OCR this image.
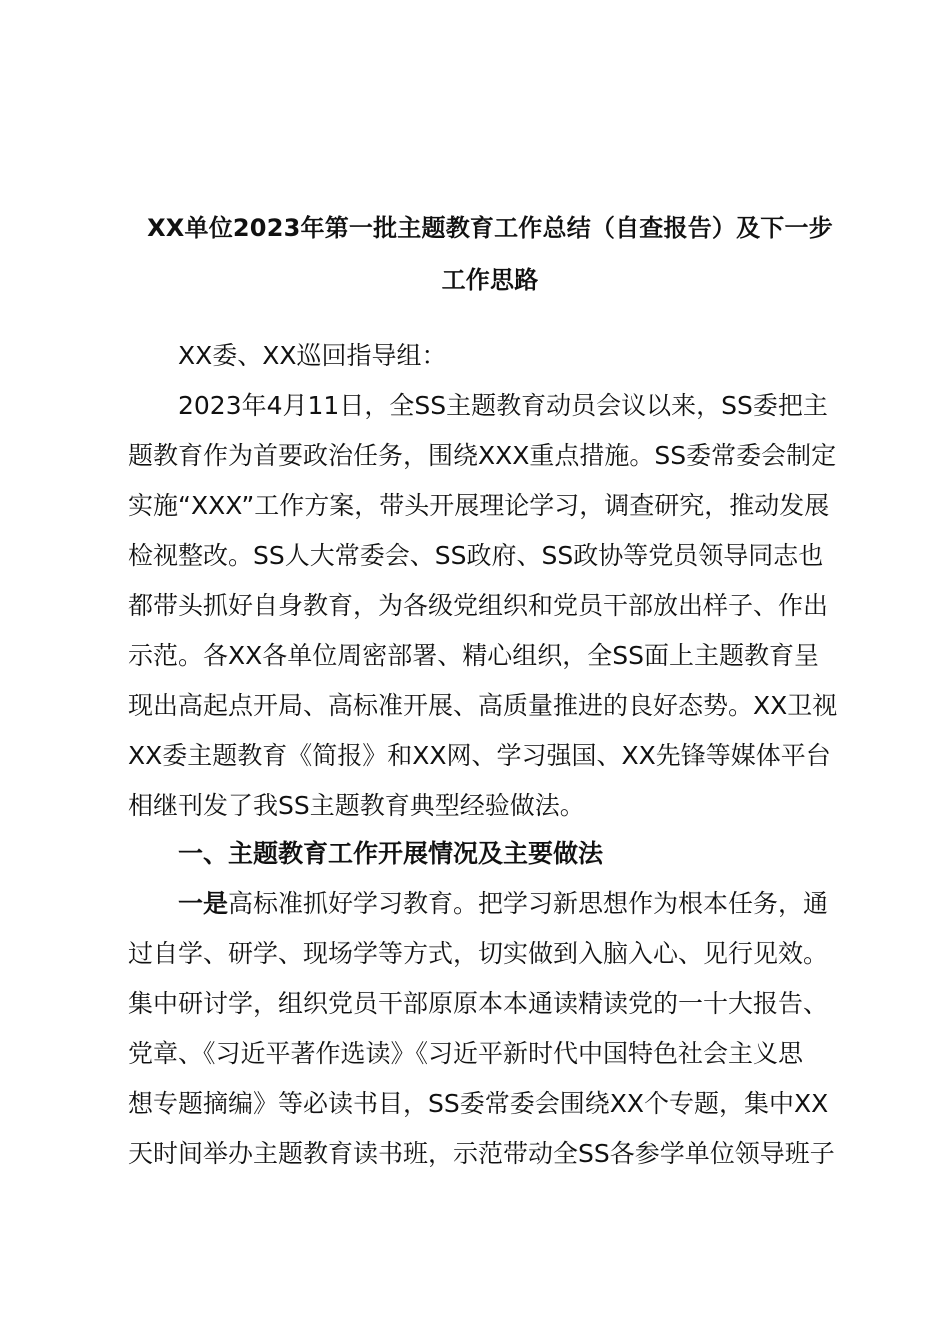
XX单位2023年第一批主题教育工作总结（自查报告）及下一步
工作思路
XX委、XX巡回指导组：
2023年4月11日，全SS主题教育动员会议以来，SS委把主
题教育作为首要政治任务，围绕XXX重点措施。SS委常委会制定
实施“XXX”工作方案，带头开展理论学习，调查研究，推动发展
检视整改。SS人大常委会、SS政府、SS政协等党员领导同志也
都带头抓好自身教育，为各级党组织和党员干部放出样子、作出
示范。各XX各单位周密部署、精心组织，全SS面上主题教育呈
现出高起点开局、高标准开展、高质量推进的良好态势。XX卫视
XX委主题教育《简报》和XX网、学习强国、XX先锋等媒体平台
相继刊发了我SS主题教育典型经验做法。
一、主题教育工作开展情况及主要做法
一是高标准抓好学习教育。把学习新思想作为根本任务，通
过自学、研学、现场学等方式，切实做到入脑入心、见行见效。
集中研讨学，组织党员干部原原本本通读精读党的一十大报告、
党章、《习近平著作选读》《习近平新时代中国特色社会主义思
想专题摘编》等必读书目，SS委常委会围绕XX个专题，集中XX
天时间举办主题教育读书班，示范带动全SS各参学单位领导班子
